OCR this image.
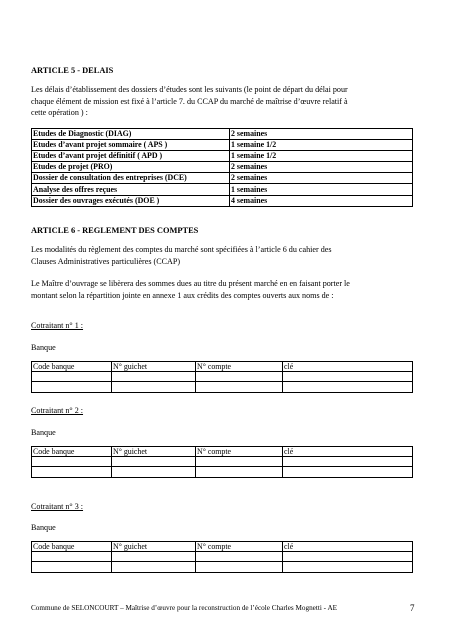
ARTICLE 5 - DELAIS
Les délais d’établissement des dossiers d’études sont les suivants (le point de départ du délai pour
chaque élément de mission est fixé à l’article 7. du CCAP du marché de maîtrise d’œuvre relatif à
cette opération ) :
Etudes de Diagnostic (DIAG)	2 semaines
Etudes d’avant projet sommaire ( APS )	1 semaine 1/2
Etudes d’avant projet définitif ( APD )	1 semaine 1/2
Etudes de projet (PRO)	2 semaines
Dossier de consultation des entreprises (DCE)	2 semaines
Analyse des offres reçues	1 semaines
Dossier des ouvrages exécutés (DOE )	4 semaines
ARTICLE 6 - REGLEMENT DES COMPTES
Les modalités du règlement des comptes du marché sont spécifiées à l’article 6 du cahier des
Clauses Administratives particulières (CCAP)
Le Maître d’ouvrage se libèrera des sommes dues au titre du présent marché en en faisant porter le
montant selon la répartition jointe en annexe 1 aux crédits des comptes ouverts aux noms de :
Cotraitant n° 1 :
Banque
Code banque	N° guichet	N° compte	clé

Cotraitant n° 2 :
Banque
Code banque	N° guichet	N° compte	clé

Cotraitant n° 3 :
Banque
Code banque	N° guichet	N° compte	clé

Commune de SELONCOURT – Maîtrise d’œuvre pour la reconstruction de l’école Charles Mognetti - AE	7
